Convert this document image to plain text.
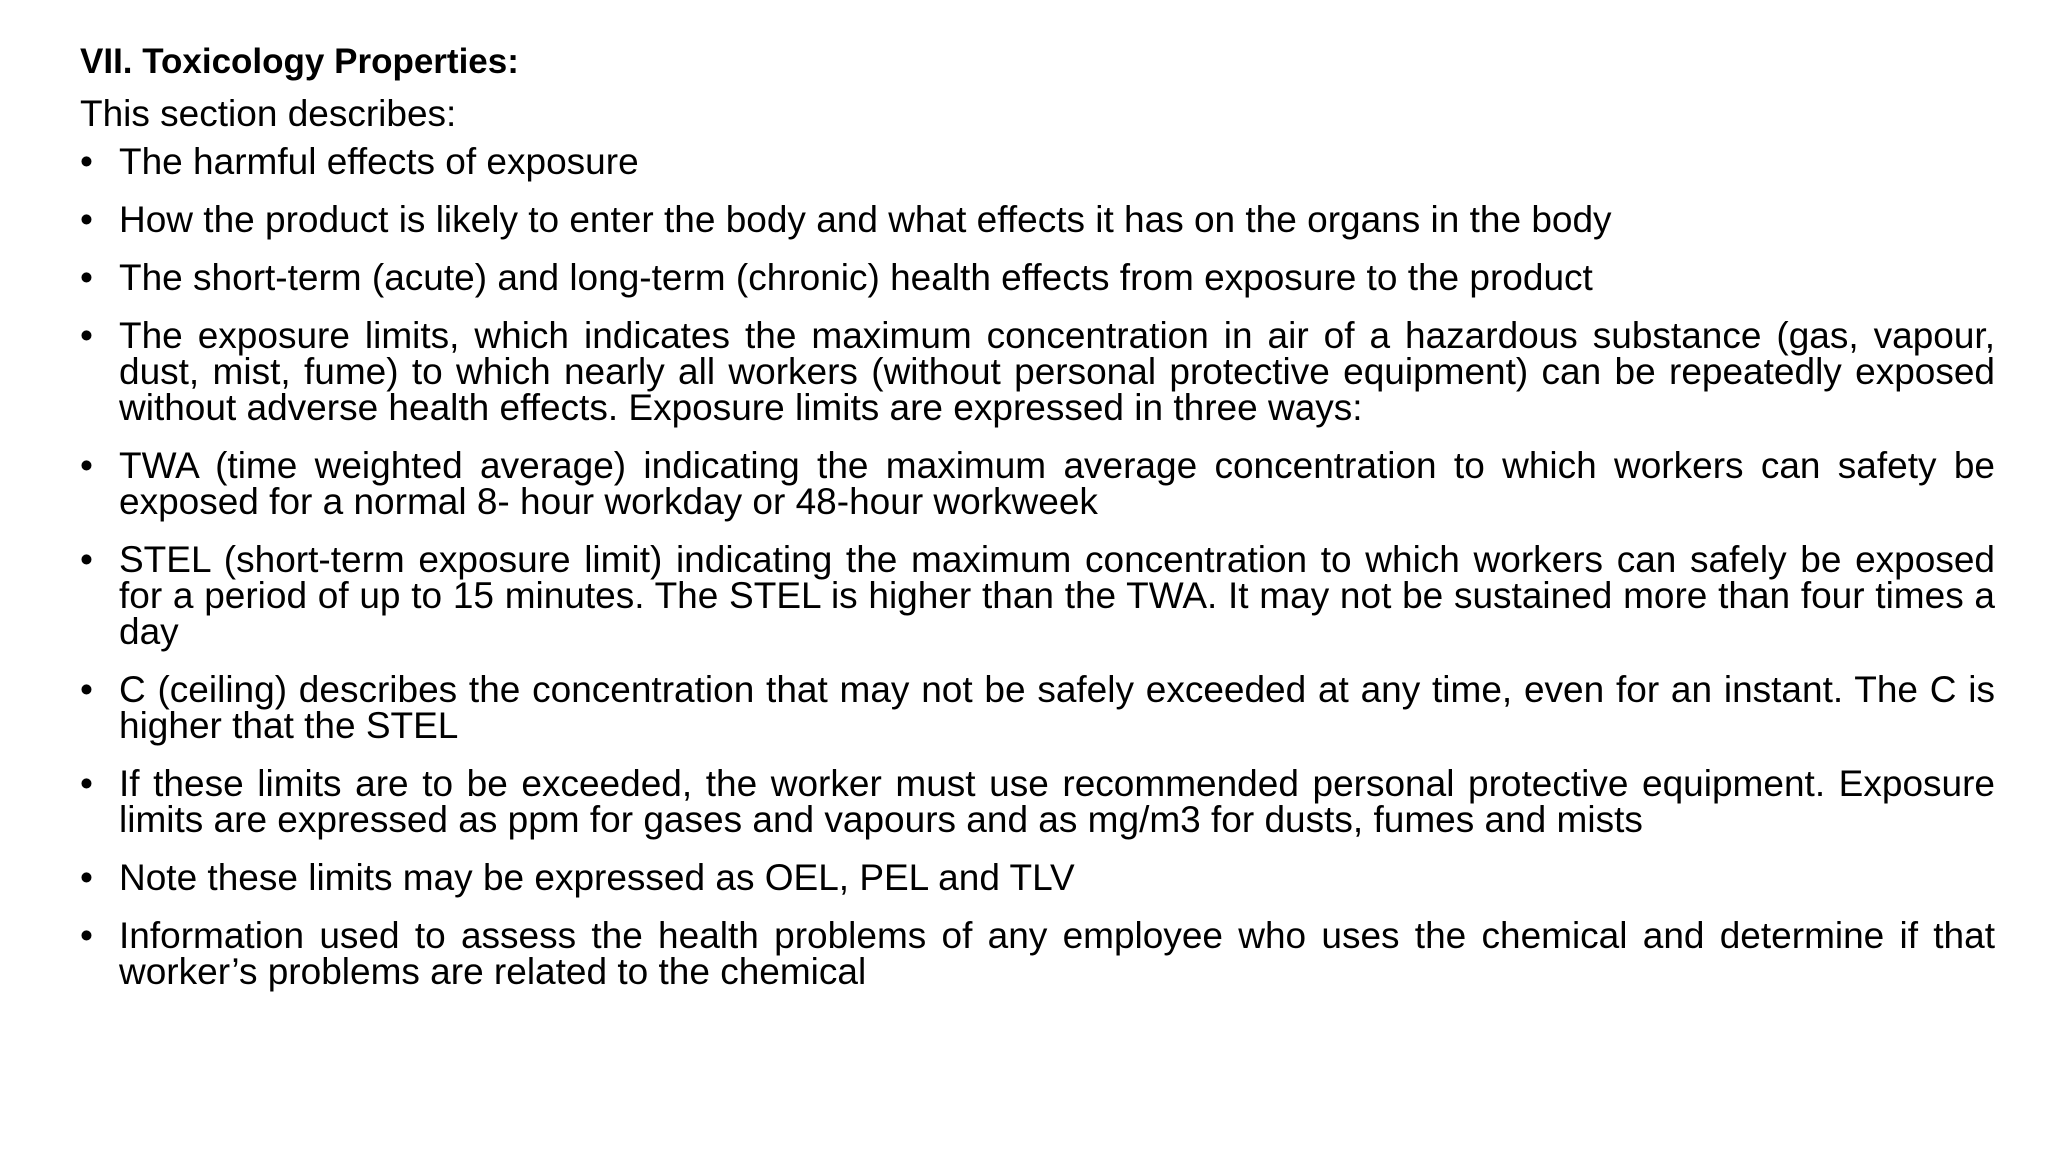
VII. Toxicology Properties:
This section describes:
• The harmful effects of exposure
• How the product is likely to enter the body and what effects it has on the organs in the body
• The short-term (acute) and long-term (chronic) health effects from exposure to the product
• The exposure limits, which indicates the maximum concentration in air of a hazardous substance (gas, vapour, dust, mist, fume) to which nearly all workers (without personal protective equipment) can be repeatedly exposed without adverse health effects. Exposure limits are expressed in three ways:
• TWA (time weighted average) indicating the maximum average concentration to which workers can safety be exposed for a normal 8- hour workday or 48-hour workweek
• STEL (short-term exposure limit) indicating the maximum concentration to which workers can safely be exposed for a period of up to 15 minutes. The STEL is higher than the TWA. It may not be sustained more than four times a day
• C (ceiling) describes the concentration that may not be safely exceeded at any time, even for an instant. The C is higher that the STEL
• If these limits are to be exceeded, the worker must use recommended personal protective equipment. Exposure limits are expressed as ppm for gases and vapours and as mg/m3 for dusts, fumes and mists
• Note these limits may be expressed as OEL, PEL and TLV
• Information used to assess the health problems of any employee who uses the chemical and determine if that worker’s problems are related to the chemical
